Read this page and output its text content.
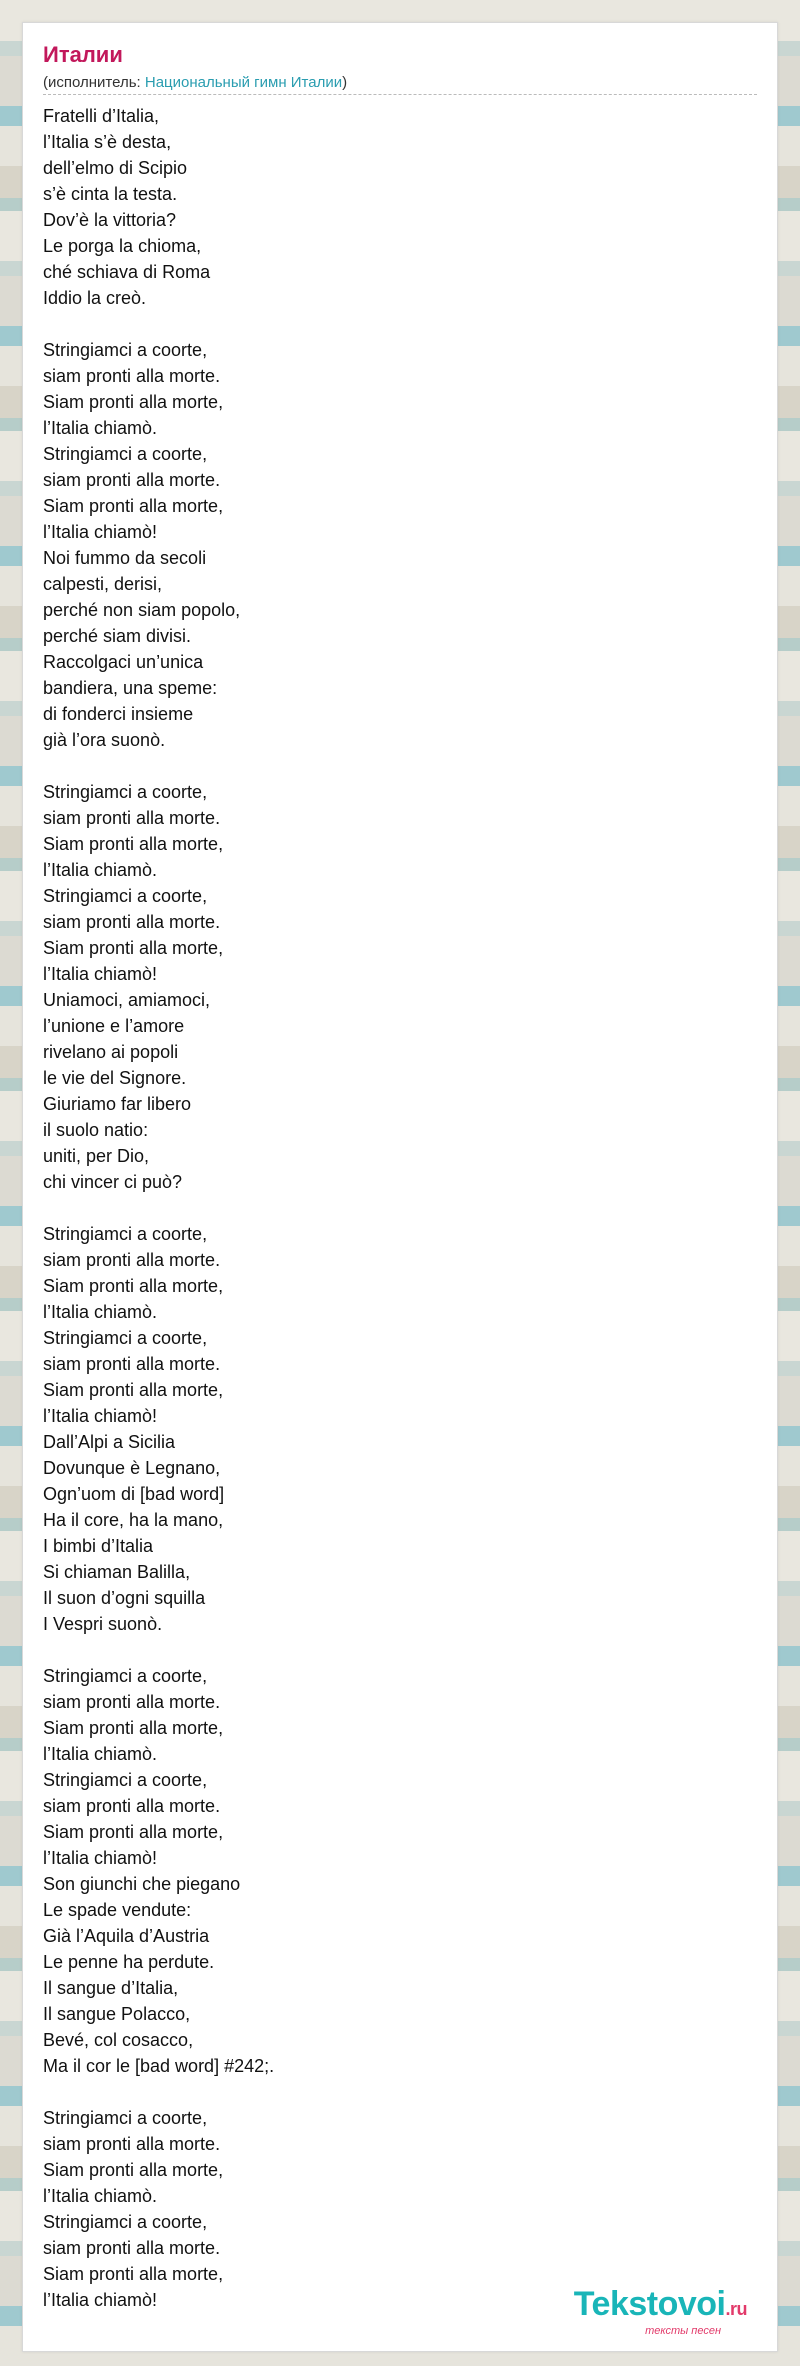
Италии
(исполнитель: Национальный гимн Италии)
Fratelli d’Italia,
l’Italia s’è desta,
dell’elmo di Scipio
s’è cinta la testa.
Dov’è la vittoria?
Le porga la chioma,
ché schiava di Roma
Iddio la creò.
Stringiamci a coorte,
siam pronti alla morte.
Siam pronti alla morte,
l’Italia chiamò.
Stringiamci a coorte,
siam pronti alla morte.
Siam pronti alla morte,
l’Italia chiamò!
Noi fummo da secoli
calpesti, derisi,
perché non siam popolo,
perché siam divisi.
Raccolgaci un’unica
bandiera, una speme:
di fonderci insieme
già l’ora suonò.
Stringiamci a coorte,
siam pronti alla morte.
Siam pronti alla morte,
l’Italia chiamò.
Stringiamci a coorte,
siam pronti alla morte.
Siam pronti alla morte,
l’Italia chiamò!
Uniamoci, amiamoci,
l’unione e l’amore
rivelano ai popoli
le vie del Signore.
Giuriamo far libero
il suolo natio:
uniti, per Dio,
chi vincer ci può?
Stringiamci a coorte,
siam pronti alla morte.
Siam pronti alla morte,
l’Italia chiamò.
Stringiamci a coorte,
siam pronti alla morte.
Siam pronti alla morte,
l’Italia chiamò!
Dall’Alpi a Sicilia
Dovunque è Legnano,
Ogn’uom di [bad word]
Ha il core, ha la mano,
I bimbi d’Italia
Si chiaman Balilla,
Il suon d’ogni squilla
I Vespri suonò.
Stringiamci a coorte,
siam pronti alla morte.
Siam pronti alla morte,
l’Italia chiamò.
Stringiamci a coorte,
siam pronti alla morte.
Siam pronti alla morte,
l’Italia chiamò!
Son giunchi che piegano
Le spade vendute:
Già l’Aquila d’Austria
Le penne ha perdute.
Il sangue d’Italia,
Il sangue Polacco,
Bevé, col cosacco,
Ma il cor le [bad word] #242;.
Stringiamci a coorte,
siam pronti alla morte.
Siam pronti alla morte,
l’Italia chiamò.
Stringiamci a coorte,
siam pronti alla morte.
Siam pronti alla morte,
l’Italia chiamò!	Tekstovoi.ru
тексты песен
